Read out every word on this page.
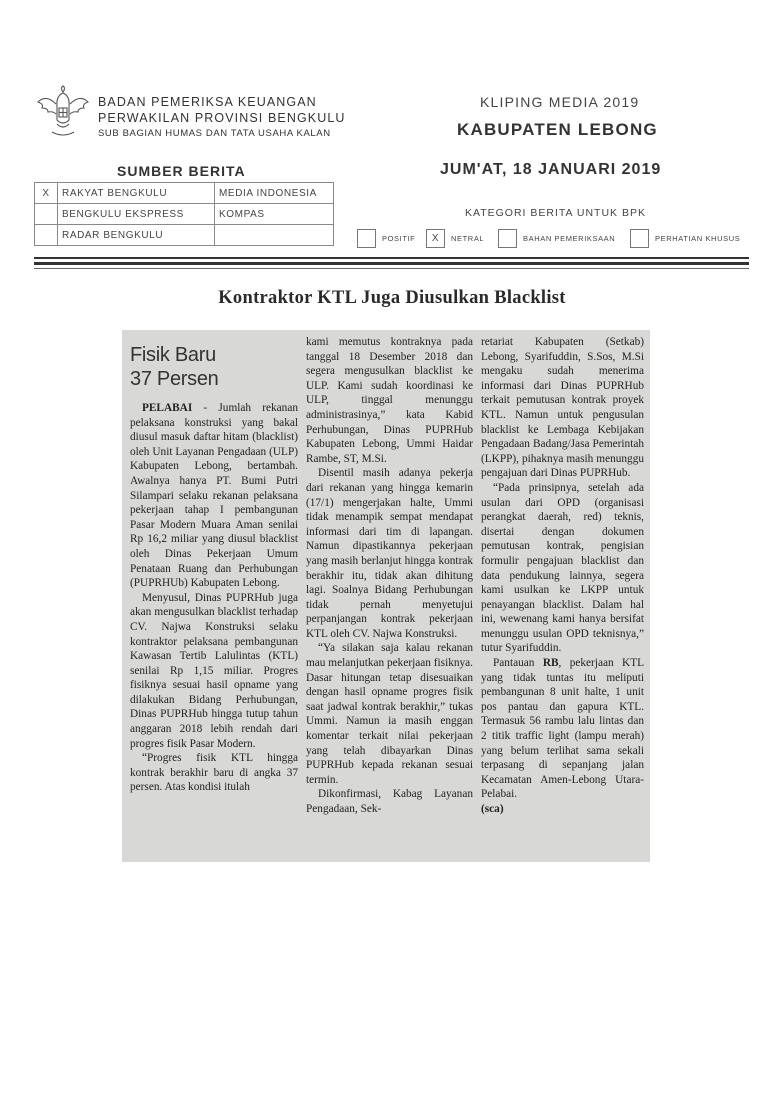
BADAN PEMERIKSA KEUANGAN
PERWAKILAN PROVINSI BENGKULU
SUB BAGIAN HUMAS DAN TATA USAHA KALAN
KLIPING MEDIA 2019
KABUPATEN LEBONG
JUM'AT, 18 JANUARI 2019
SUMBER BERITA
X	RAKYAT BENGKULU	MEDIA INDONESIA
	BENGKULU EKSPRESS	KOMPAS
	RADAR BENGKULU	
KATEGORI BERITA UNTUK BPK
POSITIF	X	NETRAL	BAHAN PEMERIKSAAN	PERHATIAN KHUSUS
Kontraktor KTL Juga Diusulkan Blacklist
Fisik Baru
37 Persen

PELABAI - Jumlah rekanan pelaksana konstruksi yang bakal diusul masuk daftar hitam (blacklist) oleh Unit Layanan Pengadaan (ULP) Kabupaten Lebong, bertambah. Awalnya hanya PT. Bumi Putri Silampari selaku rekanan pelaksana pekerjaan tahap I pembangunan Pasar Modern Muara Aman senilai Rp 16,2 miliar yang diusul blacklist oleh Dinas Pekerjaan Umum Penataan Ruang dan Perhubungan (PUPRHUb) Kabupaten Lebong.

Menyusul, Dinas PUPRHub juga akan mengusulkan blacklist terhadap CV. Najwa Konstruksi selaku kontraktor pelaksana pembangunan Kawasan Tertib Lalulintas (KTL) senilai Rp 1,15 miliar. Progres fisiknya sesuai hasil opname yang dilakukan Bidang Perhubungan, Dinas PUPRHub hingga tutup tahun anggaran 2018 lebih rendah dari progres fisik Pasar Modern.

“Progres fisik KTL hingga kontrak berakhir baru di angka 37 persen. Atas kondisi itulah

kami memutus kontraknya pada tanggal 18 Desember 2018 dan segera mengusulkan blacklist ke ULP. Kami sudah koordinasi ke ULP, tinggal menunggu administrasinya,” kata Kabid Perhubungan, Dinas PUPRHub Kabupaten Lebong, Ummi Haidar Rambe, ST, M.Si.

Disentil masih adanya pekerja dari rekanan yang hingga kemarin (17/1) mengerjakan halte, Ummi tidak menampik sempat mendapat informasi dari tim di lapangan. Namun dipastikannya pekerjaan yang masih berlanjut hingga kontrak berakhir itu, tidak akan dihitung lagi. Soalnya Bidang Perhubungan tidak pernah menyetujui perpanjangan kontrak pekerjaan KTL oleh CV. Najwa Konstruksi.

“Ya silakan saja kalau rekanan mau melanjutkan pekerjaan fisiknya. Dasar hitungan tetap disesuaikan dengan hasil opname progres fisik saat jadwal kontrak berakhir,” tukas Ummi. Namun ia masih enggan komentar terkait nilai pekerjaan yang telah dibayarkan Dinas PUPRHub kepada rekanan sesuai termin.

Dikonfirmasi, Kabag Layanan Pengadaan, Sek-

retariat Kabupaten (Setkab) Lebong, Syarifuddin, S.Sos, M.Si mengaku sudah menerima informasi dari Dinas PUPRHub terkait pemutusan kontrak proyek KTL. Namun untuk pengusulan blacklist ke Lembaga Kebijakan Pengadaan Badang/Jasa Pemerintah (LKPP), pihaknya masih menunggu pengajuan dari Dinas PUPRHub.

“Pada prinsipnya, setelah ada usulan dari OPD (organisasi perangkat daerah, red) teknis, disertai dengan dokumen pemutusan kontrak, pengisian formulir pengajuan blacklist dan data pendukung lainnya, segera kami usulkan ke LKPP untuk penayangan blacklist. Dalam hal ini, wewenang kami hanya bersifat menunggu usulan OPD teknisnya,” tutur Syarifuddin.

Pantauan RB, pekerjaan KTL yang tidak tuntas itu meliputi pembangunan 8 unit halte, 1 unit pos pantau dan gapura KTL. Termasuk 56 rambu lalu lintas dan 2 titik traffic light (lampu merah) yang belum terlihat sama sekali terpasang di sepanjang jalan Kecamatan Amen-Lebong Utara-Pelabai.

(sca)
